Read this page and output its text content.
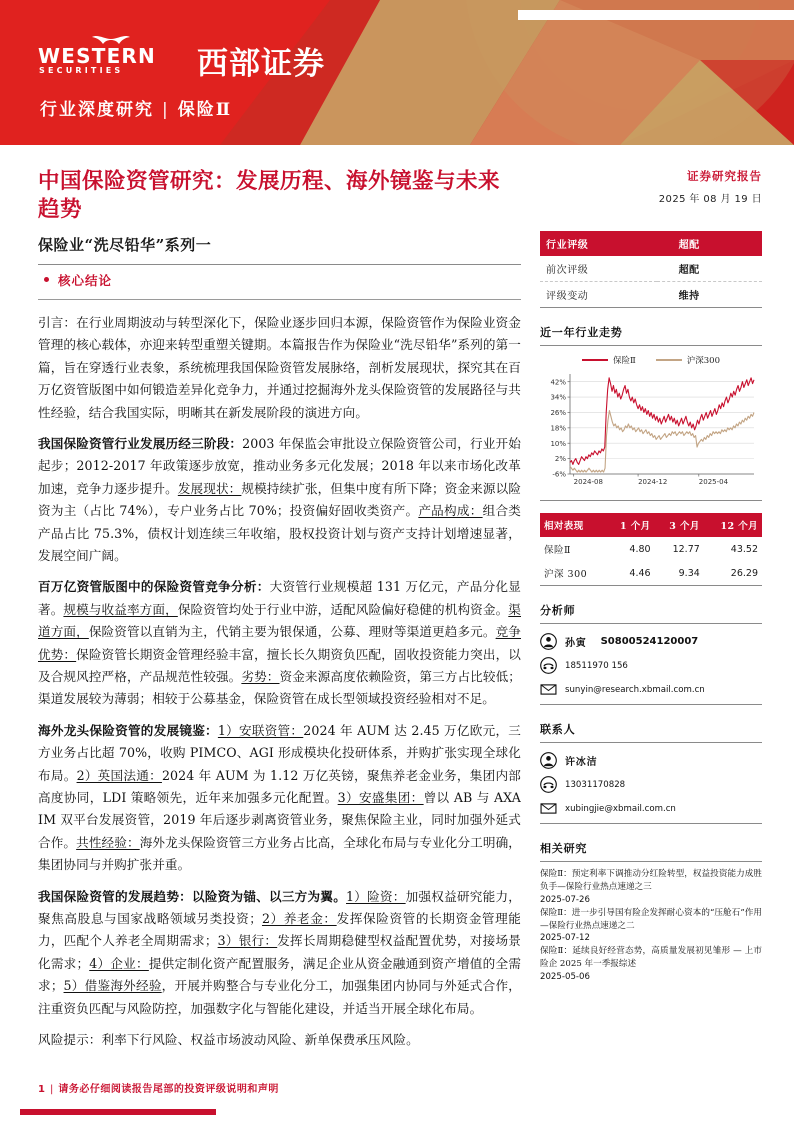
WESTERN
SECURITIES 西部证券
行业深度研究 | 保险Ⅱ
中国保险资管研究：发展历程、海外镜鉴与未来趋势
保险业“洗尽铅华”系列一
核心结论

引言：在行业周期波动与转型深化下，保险业逐步回归本源，保险资管作为保险业资金管理的核心载体，亦迎来转型重塑关键期。本篇报告作为保险业“洗尽铅华”系列的第一篇，旨在穿透行业表象，系统梳理我国保险资管发展脉络，剖析发展现状，探究其在百万亿资管版图中如何锻造差异化竞争力，并通过挖掘海外龙头保险资管的发展路径与共性经验，结合我国实际，明晰其在新发展阶段的演进方向。

我国保险资管行业发展历经三阶段：2003 年保监会审批设立保险资管公司，行业开始起步；2012-2017 年政策逐步放宽，推动业务多元化发展；2018 年以来市场化改革加速，竞争力逐步提升。发展现状：规模持续扩张，但集中度有所下降；资金来源以险资为主（占比 74%），专户业务占比 70%；投资偏好固收类资产。产品构成：组合类产品占比 75.3%，债权计划连续三年收缩，股权投资计划与资产支持计划增速显著，发展空间广阔。

百万亿资管版图中的保险资管竞争分析：大资管行业规模超 131 万亿元，产品分化显著。规模与收益率方面，保险资管均处于行业中游，适配风险偏好稳健的机构资金。渠道方面，保险资管以直销为主，代销主要为银保通，公募、理财等渠道更趋多元。竞争优势：保险资管长期资金管理经验丰富，擅长长久期资负匹配，固收投资能力突出，以及合规风控严格，产品规范性较强。劣势：资金来源高度依赖险资，第三方占比较低；渠道发展较为薄弱；相较于公募基金，保险资管在成长型领域投资经验相对不足。

海外龙头保险资管的发展镜鉴：1）安联资管：2024 年 AUM 达 2.45 万亿欧元，三方业务占比超 70%，收购 PIMCO、AGI 形成模块化投研体系，并购扩张实现全球化布局。2）英国法通：2024 年 AUM 为 1.12 万亿英镑，聚焦养老金业务，集团内部高度协同，LDI 策略领先，近年来加强多元化配置。3）安盛集团：曾以 AB 与 AXA IM 双平台发展资管，2019 年后逐步剥离资管业务，聚焦保险主业，同时加强外延式合作。共性经验：海外龙头保险资管三方业务占比高，全球化布局与专业化分工明确，集团协同与并购扩张并重。

我国保险资管的发展趋势：以险资为锚、以三方为翼。1）险资：加强权益研究能力，聚焦高股息与国家战略领域另类投资；2）养老金：发挥保险资管的长期资金管理能力，匹配个人养老全周期需求；3）银行：发挥长周期稳健型权益配置优势，对接场景化需求；4）企业：提供定制化资产配置服务，满足企业从资金融通到资产增值的全需求；5）借鉴海外经验，开展并购整合与专业化分工，加强集团内协同与外延式合作，注重资负匹配与风险防控，加强数字化与智能化建设，并适当开展全球化布局。

风险提示：利率下行风险、权益市场波动风险、新单保费承压风险。

证券研究报告
2025 年 08 月 19 日
行业评级	超配
前次评级	超配
评级变动	维持
近一年行业走势
保险Ⅱ	沪深300
-6%
2%
10%
18%
26%
34%
42%
2024-08	2024-12	2025-04
相对表现	1 个月	3 个月	12 个月
保险Ⅱ	4.80	12.77	43.52
沪深 300	4.46	9.34	26.29
分析师
孙寅 S0800524120007
18511970 156
sunyin@research.xbmail.com.cn
联系人
许冰洁
13031170828
xubingjie@xbmail.com.cn
相关研究
保险Ⅱ：预定利率下调推动分红险转型，权益投资能力成胜负手—保险行业热点速递之三
2025-07-26
保险Ⅱ：进一步引导国有险企发挥耐心资本的“压舱石”作用—保险行业热点速递之二
2025-07-12
保险Ⅱ：延续良好经营态势，高质量发展初见雏形 — 上市险企 2025 年一季报综述
2025-05-06
1 | 请务必仔细阅读报告尾部的投资评级说明和声明
